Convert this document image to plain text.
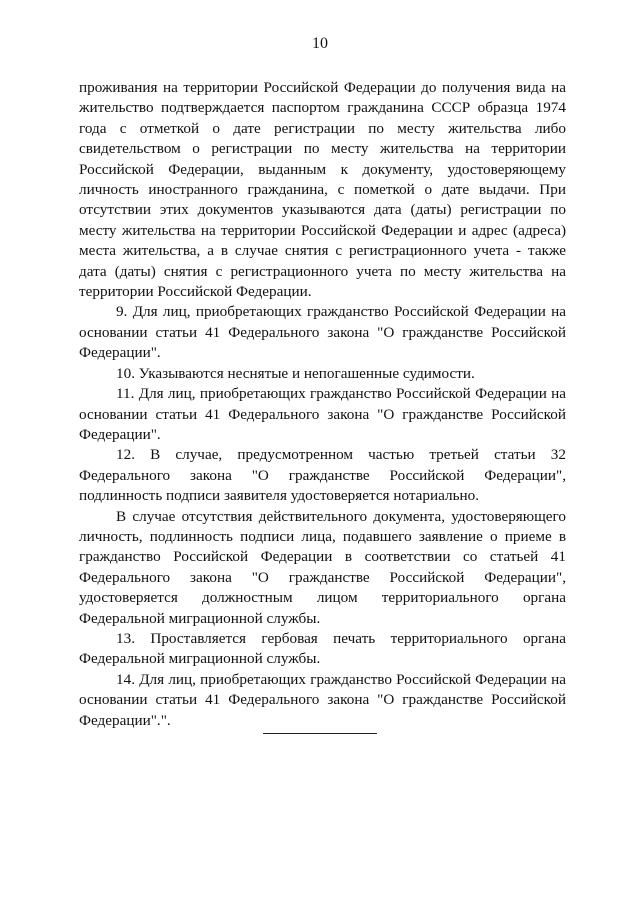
10

проживания на территории Российской Федерации до получения вида на жительство подтверждается паспортом гражданина СССР образца 1974 года с отметкой о дате регистрации по месту жительства либо свидетельством о регистрации по месту жительства на территории Российской Федерации, выданным к документу, удостоверяющему личность иностранного гражданина, с пометкой о дате выдачи. При отсутствии этих документов указываются дата (даты) регистрации по месту жительства на территории Российской Федерации и адрес (адреса) места жительства, а в случае снятия с регистрационного учета - также дата (даты) снятия с регистрационного учета по месту жительства на территории Российской Федерации.

9. Для лиц, приобретающих гражданство Российской Федерации на основании статьи 41 Федерального закона "О гражданстве Российской Федерации".

10. Указываются неснятые и непогашенные судимости.

11. Для лиц, приобретающих гражданство Российской Федерации на основании статьи 41 Федерального закона "О гражданстве Российской Федерации".

12. В случае, предусмотренном частью третьей статьи 32 Федерального закона "О гражданстве Российской Федерации", подлинность подписи заявителя удостоверяется нотариально.

В случае отсутствия действительного документа, удостоверяющего личность, подлинность подписи лица, подавшего заявление о приеме в гражданство Российской Федерации в соответствии со статьей 41 Федерального закона "О гражданстве Российской Федерации", удостоверяется должностным лицом территориального органа Федеральной миграционной службы.

13. Проставляется гербовая печать территориального органа Федеральной миграционной службы.

14. Для лиц, приобретающих гражданство Российской Федерации на основании статьи 41 Федерального закона "О гражданстве Российской Федерации".".
